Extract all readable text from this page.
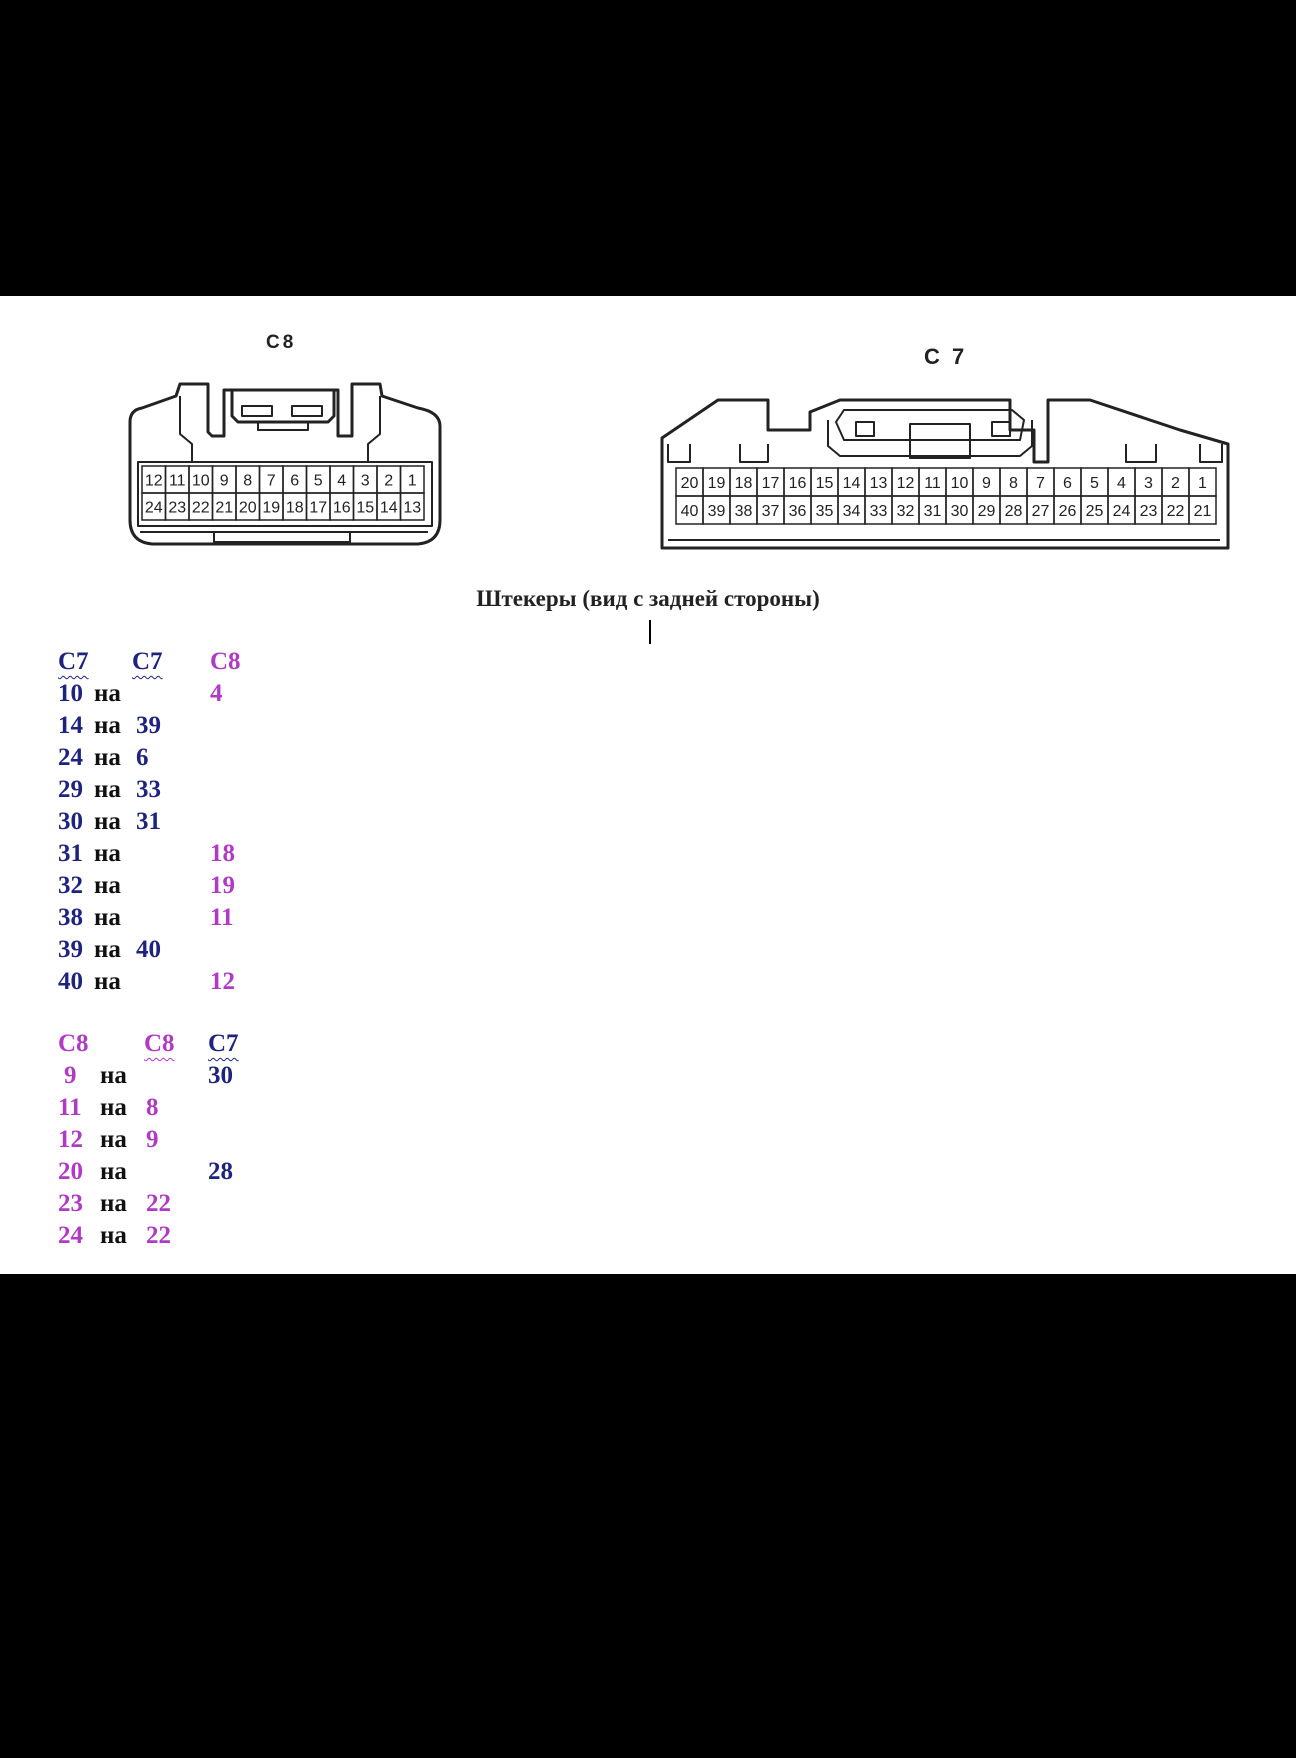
C8
C 7
12 11 10 9 8 7 6 5 4 3 2 1
24 23 22 21 20 19 18 17 16 15 14 13
20 19 18 17 16 15 14 13 12 11 10 9 8 7 6 5 4 3 2 1
40 39 38 37 36 35 34 33 32 31 30 29 28 27 26 25 24 23 22 21
Штекеры (вид с задней стороны)
C7 C7 C8
10 на	4
14 на 39
24 на 6
29 на 33
30 на 31
31 на	18
32 на	19
38 на	11
39 на 40
40 на	12
C8 C8 C7
9 на	30
11 на 8
12 на 9
20 на	28
23 на 22
24 на 22
